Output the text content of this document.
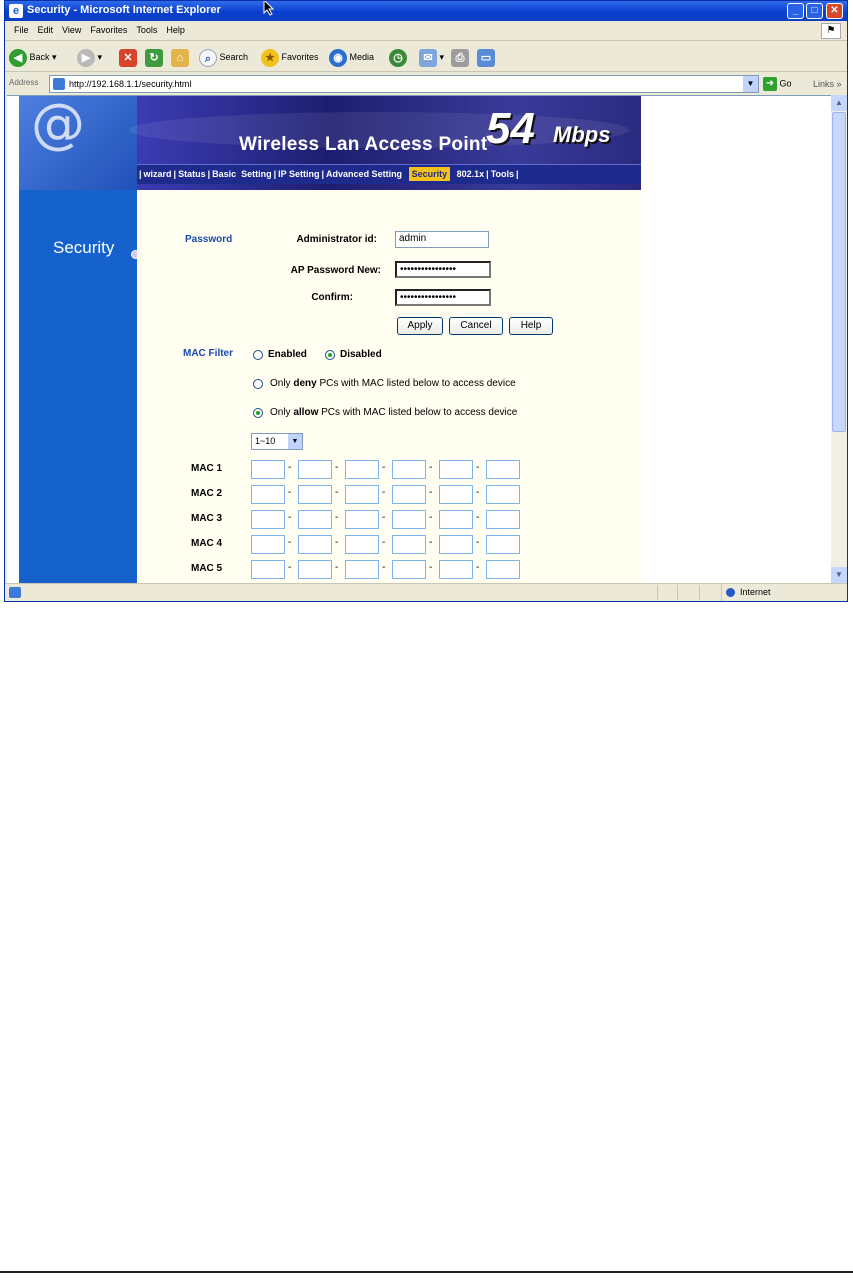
e Security - Microsoft Internet Explorer	_	□	✕
File Edit View Favorites Tools Help	⚑
◀ Back ▾	▶ ▾	✕	↻	⌂	⌕ Search	★ Favorites	◉ Media	◷	✉ ▾	⎙	▭
Address	http://192.168.1.1/security.html	▼	➜ Go Links »
@	Wireless Lan Access Point
54 Mbps
| wizard | Status | Basic  Setting | IP Setting | Advanced Setting Security 802.1x | Tools |
Security	Password	Administrator id:	admin
AP Password New:	••••••••••••••••
Confirm:	••••••••••••••••
Apply	Cancel	Help
MAC Filter	Enabled	Disabled
Only deny PCs with MAC listed below to access device
Only allow PCs with MAC listed below to access device
1~10	▼
MAC 1	-	-	-	-	-
MAC 2	-	-	-	-	-
MAC 3	-	-	-	-	-
MAC 4	-	-	-	-	-
MAC 5	-	-	-	-	-
▲
▼
Internet
